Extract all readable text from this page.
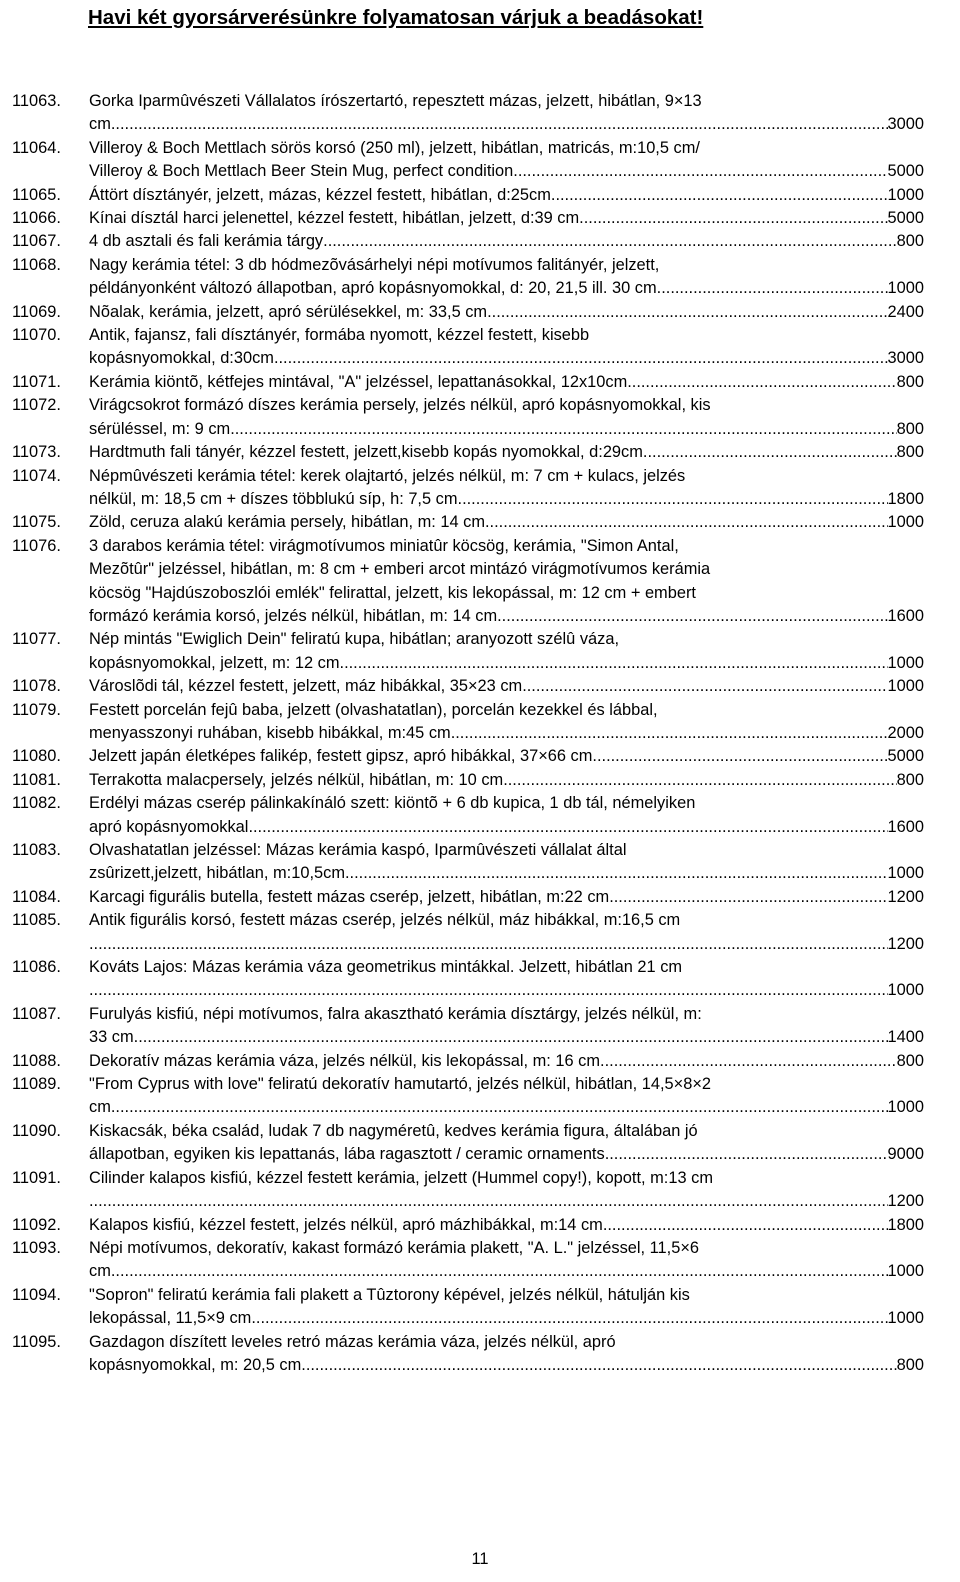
Havi két gyorsárverésünkre folyamatosan várjuk a beadásokat!
11063.	Gorka Iparmûvészeti Vállalatos írószertartó, repesztett mázas, jelzett, hibátlan, 9×13
cm .....	3000
11064.	Villeroy & Boch Mettlach sörös korsó (250 ml), jelzett, hibátlan, matricás, m:10,5 cm/
Villeroy & Boch Mettlach Beer Stein Mug, perfect condition .....	5000
11065.	Áttört dísztányér, jelzett, mázas, kézzel festett, hibátlan, d:25cm .....	1000
11066.	Kínai dísztál harci jelenettel, kézzel festett, hibátlan, jelzett, d:39 cm .....	5000
11067.	4 db asztali és fali kerámia tárgy .....	800
11068.	Nagy kerámia tétel: 3 db hódmezõvásárhelyi népi motívumos falitányér, jelzett,
példányonként változó állapotban, apró kopásnyomokkal, d: 20, 21,5 ill. 30 cm .....	1000
11069.	Nõalak, kerámia, jelzett, apró sérülésekkel, m: 33,5 cm .....	2400
11070.	Antik, fajansz, fali dísztányér, formába nyomott, kézzel festett, kisebb
kopásnyomokkal, d:30cm .....	3000
11071.	Kerámia kiöntõ, kétfejes mintával, "A" jelzéssel, lepattanásokkal, 12x10cm .....	800
11072.	Virágcsokrot formázó díszes kerámia persely, jelzés nélkül, apró kopásnyomokkal, kis
sérüléssel, m: 9 cm .....	800
11073.	Hardtmuth fali tányér, kézzel festett, jelzett,kisebb kopás nyomokkal, d:29cm .....	800
11074.	Népmûvészeti kerámia tétel: kerek olajtartó, jelzés nélkül, m: 7 cm + kulacs, jelzés
nélkül, m: 18,5 cm + díszes többlukú síp, h: 7,5 cm .....	1800
11075.	Zöld, ceruza alakú kerámia persely, hibátlan, m: 14 cm .....	1000
11076.	3 darabos kerámia tétel: virágmotívumos miniatûr köcsög, kerámia, "Simon Antal,
Mezõtûr" jelzéssel, hibátlan, m: 8 cm + emberi arcot mintázó virágmotívumos kerámia
köcsög "Hajdúszoboszlói emlék" felirattal, jelzett, kis lekopással, m: 12 cm + embert
formázó kerámia korsó, jelzés nélkül, hibátlan, m: 14 cm .....	1600
11077.	Nép mintás "Ewiglich Dein" feliratú kupa, hibátlan; aranyozott szélû váza,
kopásnyomokkal, jelzett, m: 12 cm .....	1000
11078.	Városlõdi tál, kézzel festett, jelzett, máz hibákkal, 35×23 cm .....	1000
11079.	Festett porcelán fejû baba, jelzett (olvashatatlan), porcelán kezekkel és lábbal,
menyasszonyi ruhában, kisebb hibákkal, m:45 cm .....	2000
11080.	Jelzett japán életképes falikép, festett gipsz, apró hibákkal, 37×66 cm .....	5000
11081.	Terrakotta malacpersely, jelzés nélkül, hibátlan, m: 10 cm .....	800
11082.	Erdélyi mázas cserép pálinkakínáló szett: kiöntõ + 6 db kupica, 1 db tál, némelyiken
apró kopásnyomokkal .....	1600
11083.	Olvashatatlan jelzéssel: Mázas kerámia kaspó, Iparmûvészeti vállalat által
zsûrizett,jelzett, hibátlan, m:10,5cm .....	1000
11084.	Karcagi figurális butella, festett mázas cserép, jelzett, hibátlan, m:22 cm .....	1200
11085.	Antik figurális korsó, festett mázas cserép, jelzés nélkül, máz hibákkal, m:16,5 cm
.....
1200
11086.	Kováts Lajos: Mázas kerámia váza geometrikus mintákkal. Jelzett, hibátlan 21 cm
.....
1000
11087.	Furulyás kisfiú, népi motívumos, falra akasztható kerámia dísztárgy, jelzés nélkül, m:
33 cm .....	1400
11088.	Dekoratív mázas kerámia váza, jelzés nélkül, kis lekopással, m: 16 cm .....	800
11089.	"From Cyprus with love" feliratú dekoratív hamutartó, jelzés nélkül, hibátlan, 14,5×8×2
cm .....	1000
11090.	Kiskacsák, béka család, ludak 7 db nagyméretû, kedves kerámia figura, általában jó
állapotban, egyiken kis lepattanás, lába ragasztott / ceramic ornaments .....	9000
11091.	Cilinder kalapos kisfiú, kézzel festett kerámia, jelzett (Hummel copy!), kopott, m:13 cm
.....
1200
11092.	Kalapos kisfiú, kézzel festett, jelzés nélkül, apró mázhibákkal, m:14 cm .....	1800
11093.	Népi motívumos, dekoratív, kakast formázó kerámia plakett, "A. L." jelzéssel, 11,5×6
cm .....	1000
11094.	"Sopron" feliratú kerámia fali plakett a Tûztorony képével, jelzés nélkül, hátulján kis
lekopással, 11,5×9 cm .....	1000
11095.	Gazdagon díszített leveles retró mázas kerámia váza, jelzés nélkül, apró
kopásnyomokkal, m: 20,5 cm .....	800
11
